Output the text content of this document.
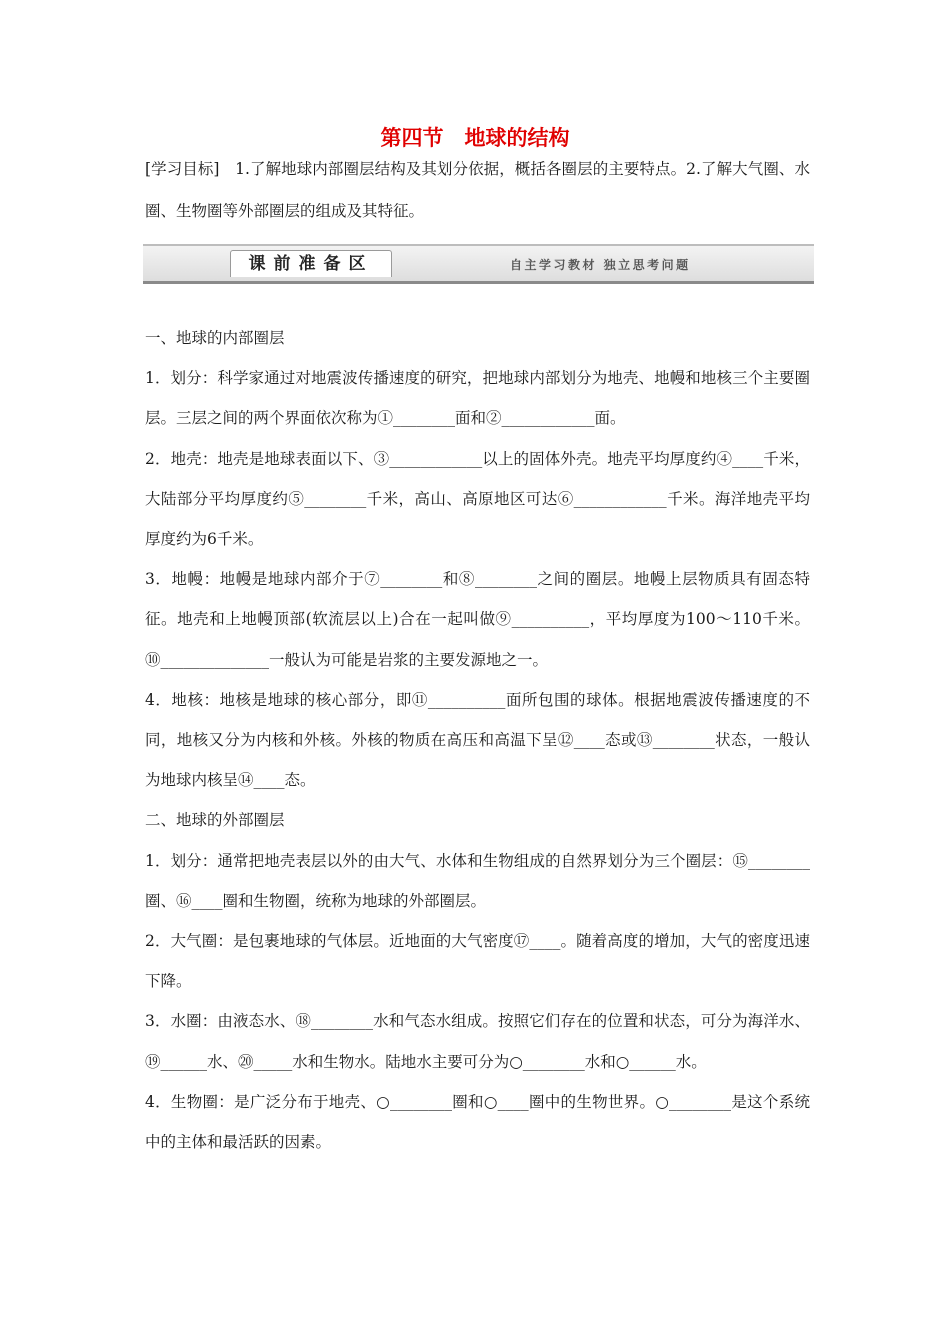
第四节　地球的结构
[学习目标]　1.了解地球内部圈层结构及其划分依据，概括各圈层的主要特点。2.了解大气圈、水圈、生物圈等外部圈层的组成及其特征。
课前准备区	自主学习教材 独立思考问题

一、地球的内部圈层

1．划分：科学家通过对地震波传播速度的研究，把地球内部划分为地壳、地幔和地核三个主要圈层。三层之间的两个界面依次称为①________面和②____________面。

2．地壳：地壳是地球表面以下、③____________以上的固体外壳。地壳平均厚度约④____千米，大陆部分平均厚度约⑤________千米，高山、高原地区可达⑥____________千米。海洋地壳平均厚度约为6千米。

3．地幔：地幔是地球内部介于⑦________和⑧________之间的圈层。地幔上层物质具有固态特征。地壳和上地幔顶部(软流层以上)合在一起叫做⑨__________，平均厚度为100～110千米。⑩______________一般认为可能是岩浆的主要发源地之一。

4．地核：地核是地球的核心部分，即⑪__________面所包围的球体。根据地震波传播速度的不同，地核又分为内核和外核。外核的物质在高压和高温下呈⑫____态或⑬________状态，一般认为地球内核呈⑭____态。

二、地球的外部圈层

1．划分：通常把地壳表层以外的由大气、水体和生物组成的自然界划分为三个圈层：⑮________圈、⑯____圈和生物圈，统称为地球的外部圈层。

2．大气圈：是包裹地球的气体层。近地面的大气密度⑰____。随着高度的增加，大气的密度迅速下降。

3．水圈：由液态水、⑱________水和气态水组成。按照它们存在的位置和状态，可分为海洋水、⑲______水、⑳_____水和生物水。陆地水主要可分为○________水和○______水。

4．生物圈：是广泛分布于地壳、○________圈和○____圈中的生物世界。○________是这个系统中的主体和最活跃的因素。
